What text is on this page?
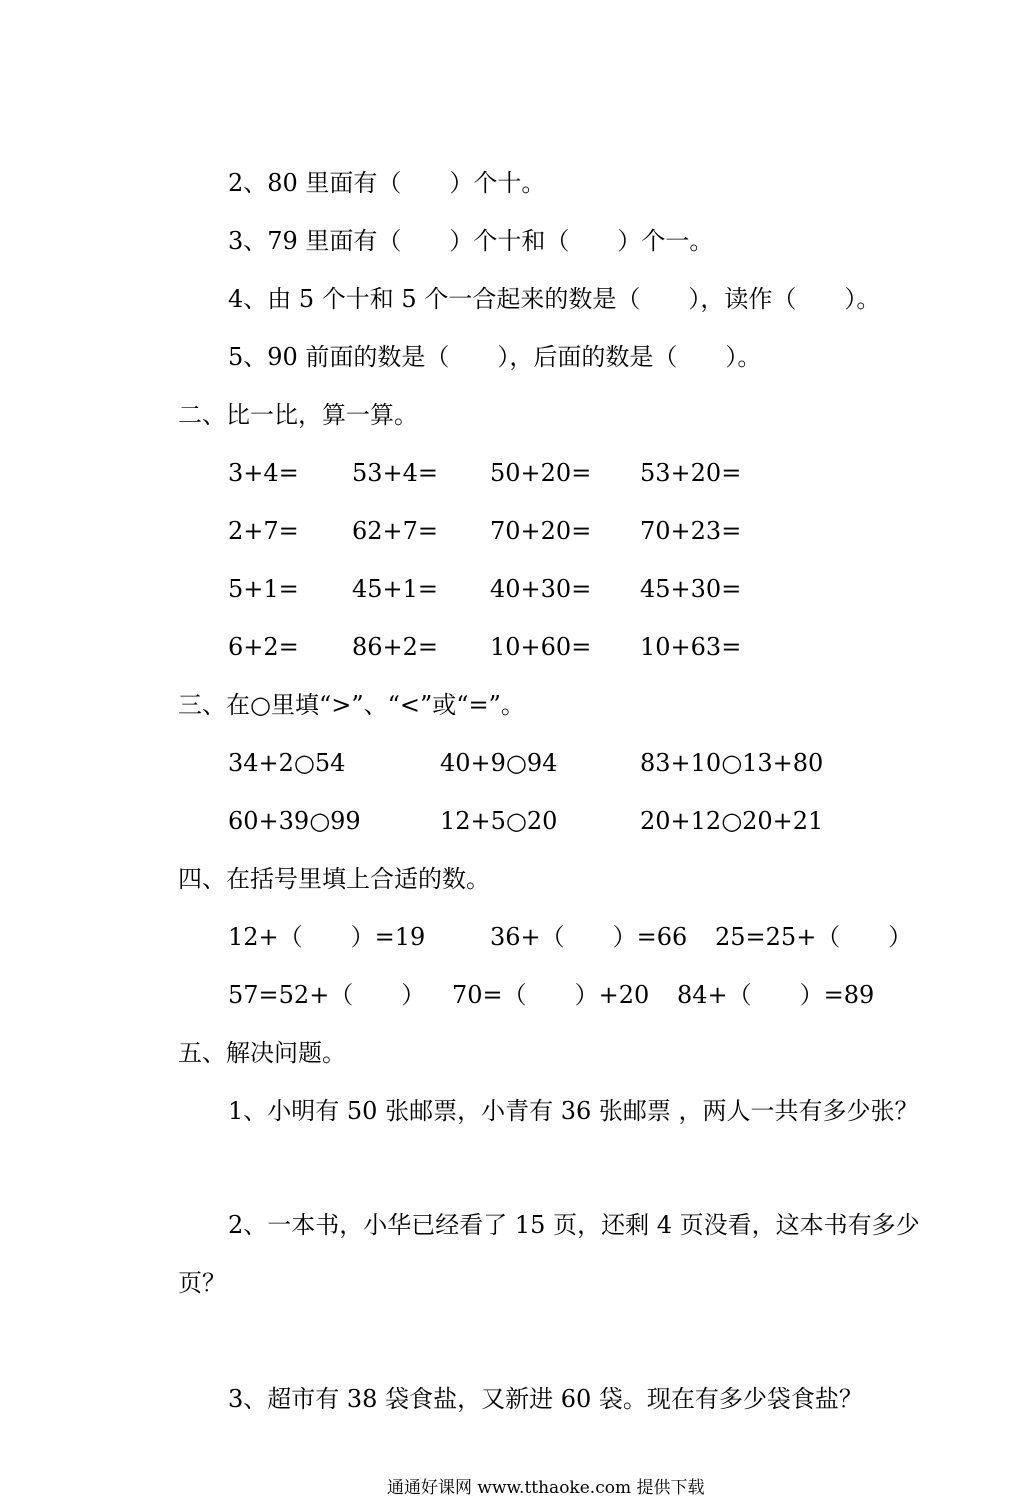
2、80 里面有（　　）个十。
3、79 里面有（　　）个十和（　　）个一。
4、由 5 个十和 5 个一合起来的数是（　　），读作（　　）。
5、90 前面的数是（　　），后面的数是（　　）。
二、比一比，算一算。
3+4= 53+4= 50+20= 53+20=
2+7= 62+7= 70+20= 70+23=
5+1= 45+1= 40+30= 45+30=
6+2= 86+2= 10+60= 10+63=
三、在○里填“>”、“<”或“=”。
34+2○54	40+9○94	83+10○13+80
60+39○99	12+5○20	20+12○20+21
四、在括号里填上合适的数。
12+（　　）=19	36+（　　）=66 25=25+（　　）
57=52+（　　） 70=（　　）+20 84+（　　）=89
五、解决问题。
1、小明有 50 张邮票，小青有 36 张邮票 ，两人一共有多少张？
2、一本书，小华已经看了 15 页，还剩 4 页没看，这本书有多少
页？
3、超市有 38 袋食盐，又新进 60 袋。现在有多少袋食盐？
通通好课网 www.tthaoke.com 提供下载
